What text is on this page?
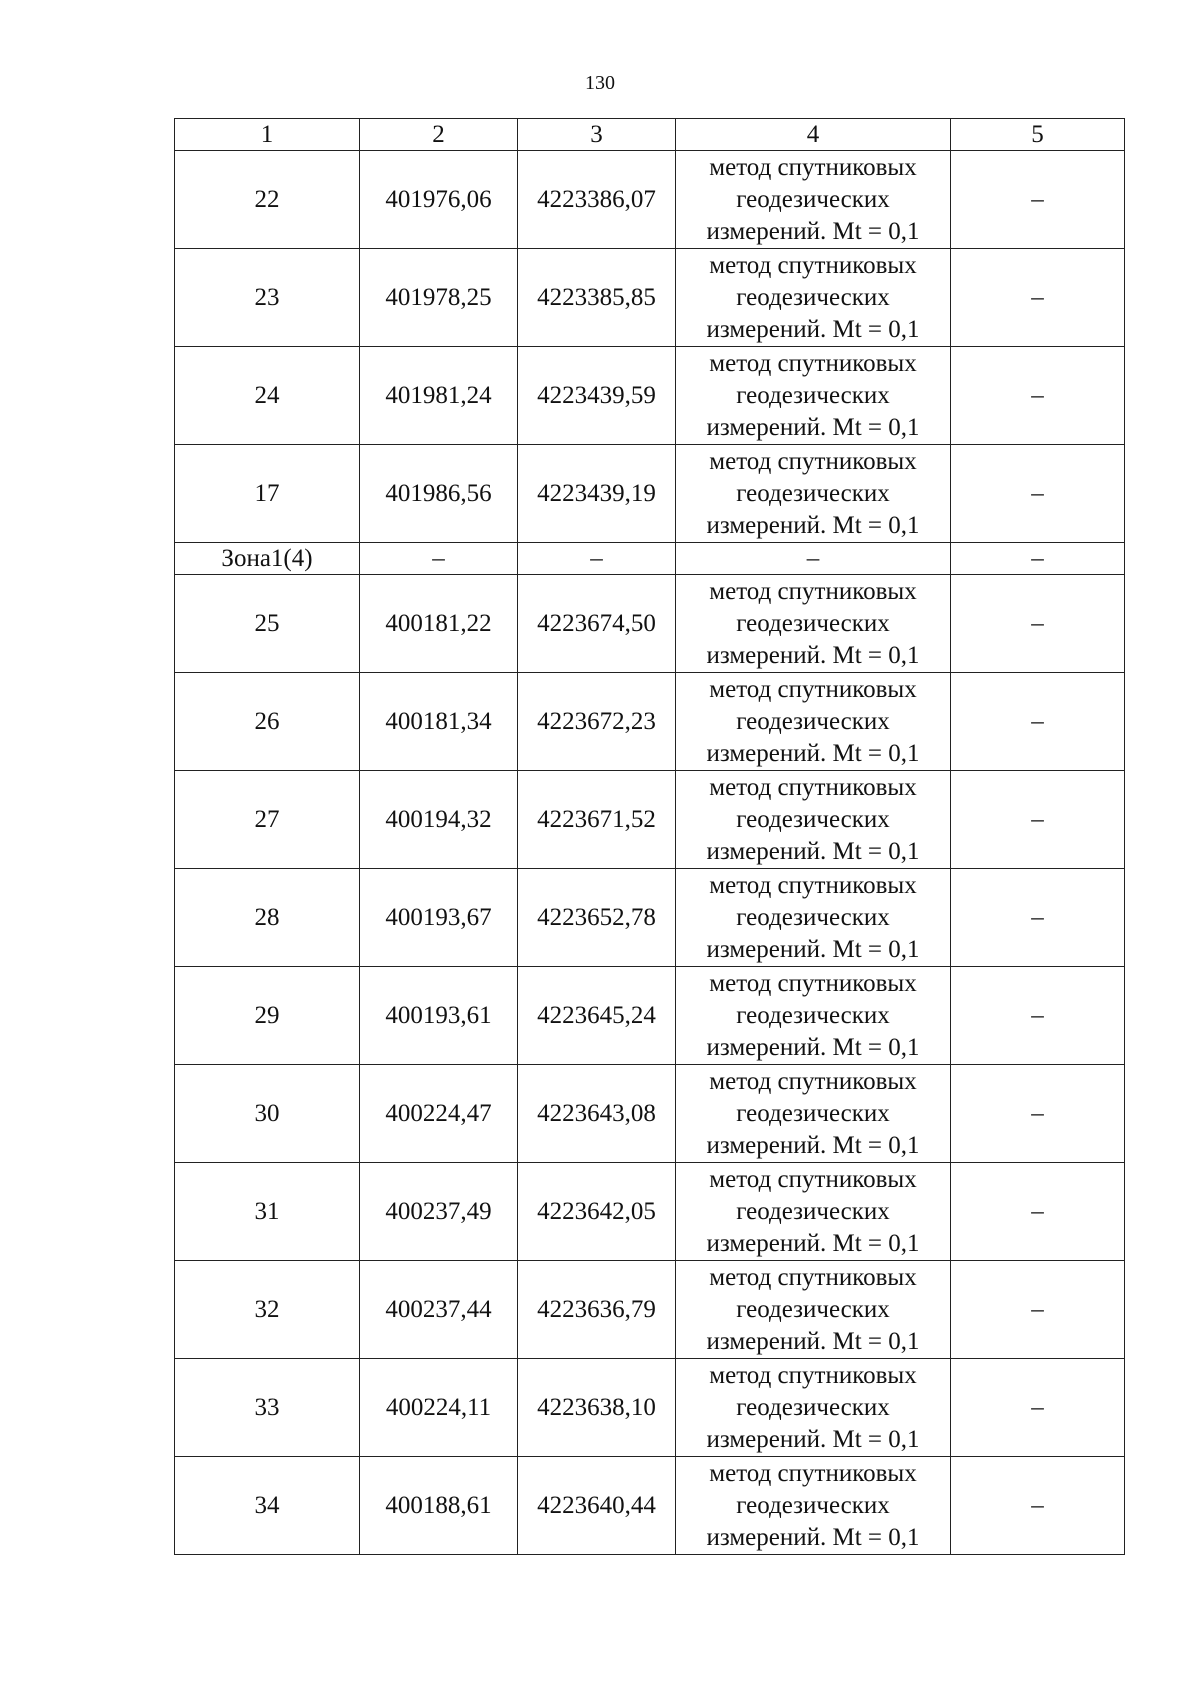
130
1	2	3	4	5
22	401976,06	4223386,07	метод спутниковых
геодезических
измерений. Mt = 0,1	–
23	401978,25	4223385,85	метод спутниковых
геодезических
измерений. Mt = 0,1	–
24	401981,24	4223439,59	метод спутниковых
геодезических
измерений. Mt = 0,1	–
17	401986,56	4223439,19	метод спутниковых
геодезических
измерений. Mt = 0,1	–
Зона1(4)	–	–	–	–
25	400181,22	4223674,50	метод спутниковых
геодезических
измерений. Mt = 0,1	–
26	400181,34	4223672,23	метод спутниковых
геодезических
измерений. Mt = 0,1	–
27	400194,32	4223671,52	метод спутниковых
геодезических
измерений. Mt = 0,1	–
28	400193,67	4223652,78	метод спутниковых
геодезических
измерений. Mt = 0,1	–
29	400193,61	4223645,24	метод спутниковых
геодезических
измерений. Mt = 0,1	–
30	400224,47	4223643,08	метод спутниковых
геодезических
измерений. Mt = 0,1	–
31	400237,49	4223642,05	метод спутниковых
геодезических
измерений. Mt = 0,1	–
32	400237,44	4223636,79	метод спутниковых
геодезических
измерений. Mt = 0,1	–
33	400224,11	4223638,10	метод спутниковых
геодезических
измерений. Mt = 0,1	–
34	400188,61	4223640,44	метод спутниковых
геодезических
измерений. Mt = 0,1	–
